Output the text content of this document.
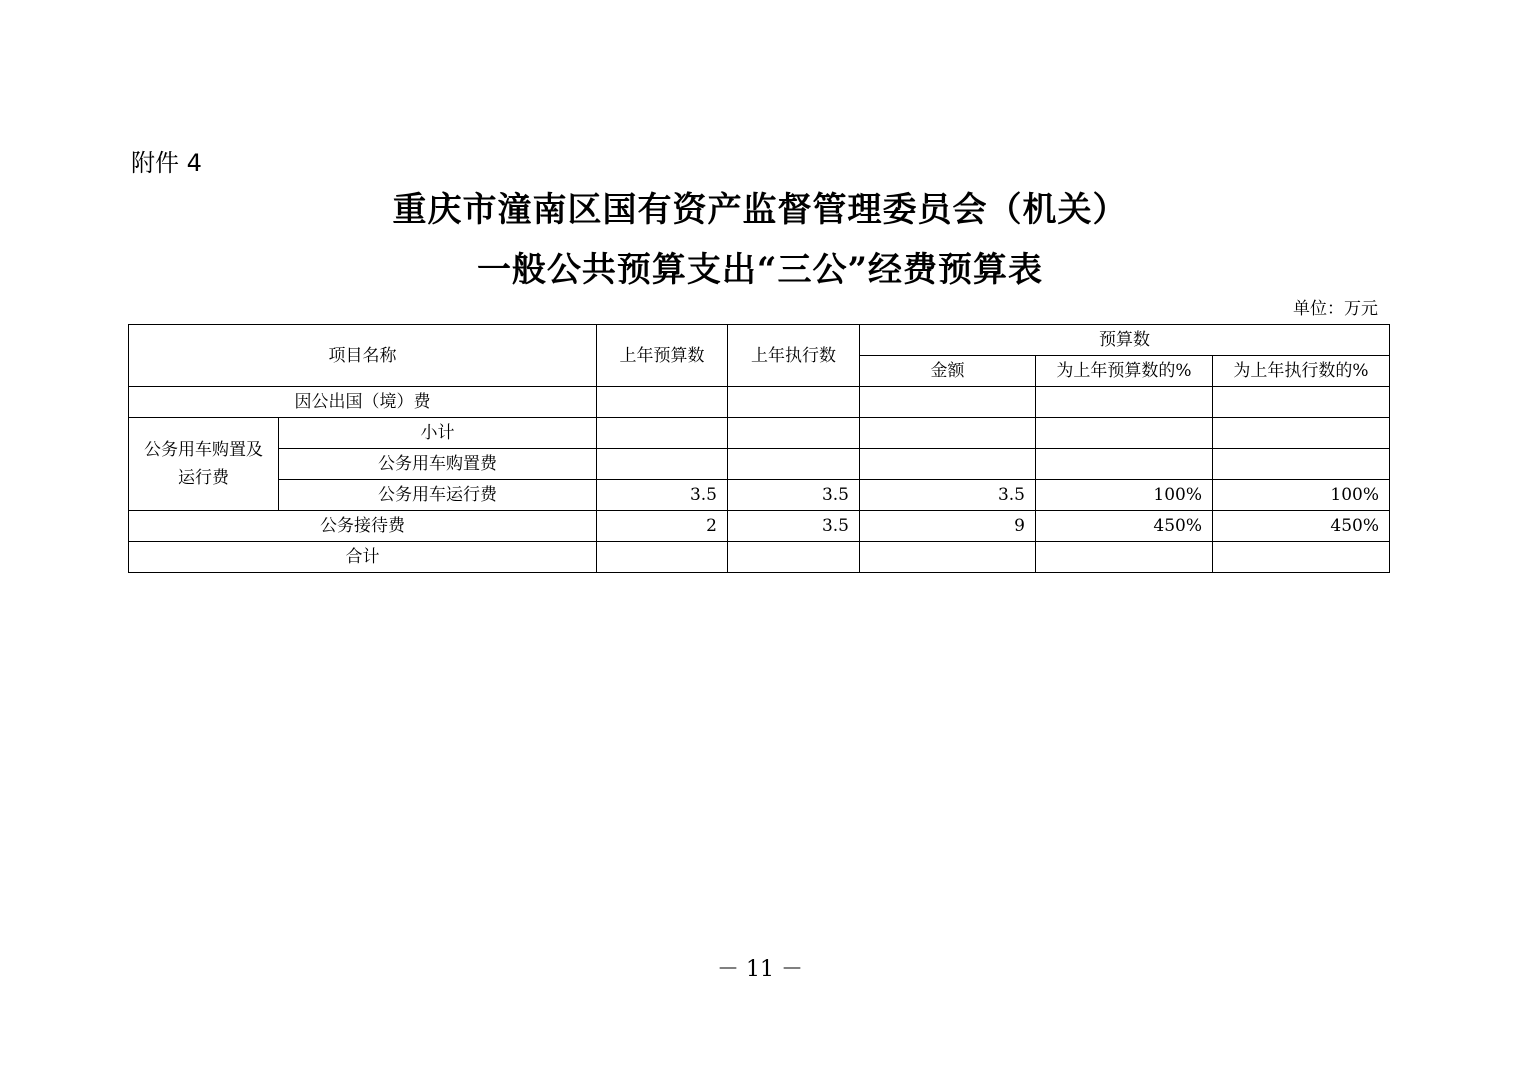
附件 4
重庆市潼南区国有资产监督管理委员会（机关）
一般公共预算支出“三公”经费预算表
单位：万元
项目名称		上年预算数	上年执行数	预算数		
				金额	为上年预算数的%	为上年执行数的%
因公出国（境）费						
公务用车购置及运行费	小计					
	公务用车购置费					
	公务用车运行费	3.5	3.5	3.5	100%	100%
公务接待费		2	3.5	9	450%	450%
合计						
－ 11 －
